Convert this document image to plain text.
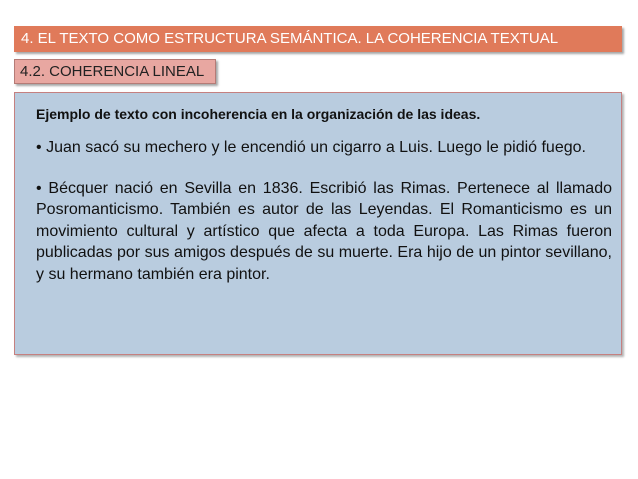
4. EL TEXTO COMO ESTRUCTURA SEMÁNTICA. LA COHERENCIA TEXTUAL
4.2. COHERENCIA LINEAL

Ejemplo de texto con incoherencia en la organización de las ideas.

• Juan sacó su mechero y le encendió un cigarro a Luis. Luego le pidió fuego.

• Bécquer nació en Sevilla en 1836. Escribió las Rimas. Pertenece al llamado Posromanticismo. También es autor de las Leyendas. El Romanticismo es un movimiento cultural y artístico que afecta a toda Europa. Las Rimas fueron publicadas por sus amigos después de su muerte. Era hijo de un pintor sevillano, y su hermano también era pintor.
